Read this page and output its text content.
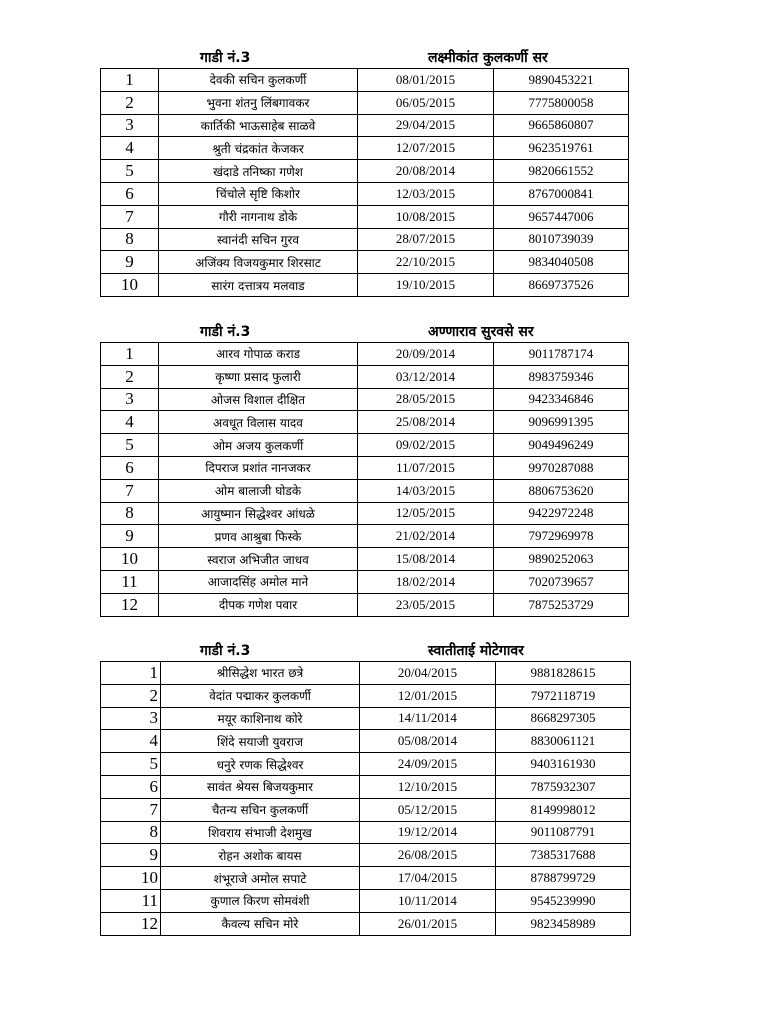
गाडी नं.3	लक्ष्मीकांत कुलकर्णी सर
1	देवकी सचिन कुलकर्णी	08/01/2015	9890453221
2	भुवना शंतनु लिंबगावकर	06/05/2015	7775800058
3	कार्तिकी भाऊसाहेब साळवे	29/04/2015	9665860807
4	श्रुती चंद्रकांत केजकर	12/07/2015	9623519761
5	खंदाडे तनिष्का गणेश	20/08/2014	9820661552
6	चिंचोले सृष्टि किशोर	12/03/2015	8767000841
7	गौरी नागनाथ डोके	10/08/2015	9657447006
8	स्वानंदी सचिन गुरव	28/07/2015	8010739039
9	अजिंक्य विजयकुमार शिरसाट	22/10/2015	9834040508
10	सारंग दत्तात्रय मलवाड	19/10/2015	8669737526
गाडी नं.3	अण्णाराव सुरवसे सर
1	आरव गोपाळ कराड	20/09/2014	9011787174
2	कृष्णा प्रसाद फुलारी	03/12/2014	8983759346
3	ओजस विशाल दीक्षित	28/05/2015	9423346846
4	अवधूत विलास यादव	25/08/2014	9096991395
5	ओम अजय कुलकर्णी	09/02/2015	9049496249
6	दिपराज प्रशांत नानजकर	11/07/2015	9970287088
7	ओम बालाजी घोडके	14/03/2015	8806753620
8	आयुष्मान सिद्धेश्वर आंधळे	12/05/2015	9422972248
9	प्रणव आश्रुबा फिस्के	21/02/2014	7972969978
10	स्वराज अभिजीत जाधव	15/08/2014	9890252063
11	आजादसिंह अमोल माने	18/02/2014	7020739657
12	दीपक गणेश पवार	23/05/2015	7875253729
गाडी नं.3	स्वातीताई मोटेगावर
1	श्रीसिद्धेश भारत छत्रे	20/04/2015	9881828615
2	वेदांत पद्माकर कुलकर्णी	12/01/2015	7972118719
3	मयूर काशिनाथ कोरे	14/11/2014	8668297305
4	शिंदे सयाजी युवराज	05/08/2014	8830061121
5	धनुरे रणक सिद्धेश्वर	24/09/2015	9403161930
6	सावंत श्रेयस बिजयकुमार	12/10/2015	7875932307
7	चैतन्य सचिन कुलकर्णी	05/12/2015	8149998012
8	शिवराय संभाजी देशमुख	19/12/2014	9011087791
9	रोहन अशोक बायस	26/08/2015	7385317688
10	शंभूराजे अमोल सपाटे	17/04/2015	8788799729
11	कुणाल किरण सोमवंशी	10/11/2014	9545239990
12	कैवल्य सचिन मोरे	26/01/2015	9823458989
